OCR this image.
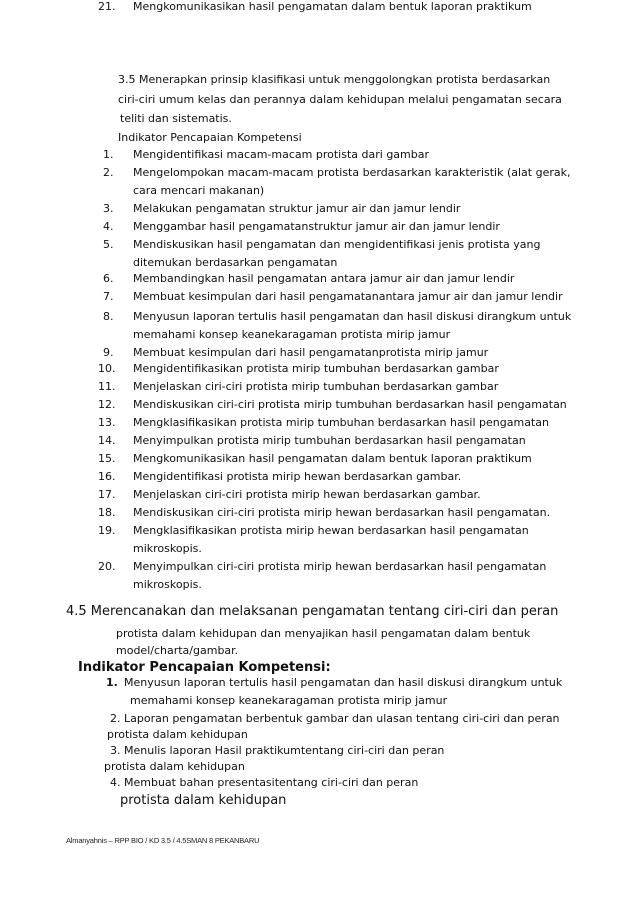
3.5 Menerapkan prinsip klasifikasi untuk menggolongkan protista berdasarkan
ciri-ciri umum kelas dan perannya dalam kehidupan melalui pengamatan secara
teliti dan sistematis.
Indikator Pencapaian Kompetensi
1. Mengidentifikasi macam-macam protista dari gambar
2. Mengelompokan macam-macam protista berdasarkan karakteristik (alat gerak,
cara mencari makanan)
3. Melakukan pengamatan struktur jamur air dan jamur lendir
4. Menggambar hasil pengamatanstruktur jamur air dan jamur lendir
5. Mendiskusikan hasil pengamatan dan mengidentifikasi jenis protista yang
ditemukan berdasarkan pengamatan
6. Membandingkan hasil pengamatan antara jamur air dan jamur lendir
7. Membuat kesimpulan dari hasil pengamatanantara jamur air dan jamur lendir
8. Menyusun laporan tertulis hasil pengamatan dan hasil diskusi dirangkum untuk
memahami konsep keanekaragaman protista mirip jamur
9. Membuat kesimpulan dari hasil pengamatanprotista mirip jamur
10. Mengidentifikasikan protista mirip tumbuhan berdasarkan gambar
11. Menjelaskan ciri-ciri protista mirip tumbuhan berdasarkan gambar
12. Mendiskusikan ciri-ciri protista mirip tumbuhan berdasarkan hasil pengamatan
13. Mengklasifikasikan protista mirip tumbuhan berdasarkan hasil pengamatan
14. Menyimpulkan protista mirip tumbuhan berdasarkan hasil pengamatan
15. Mengkomunikasikan hasil pengamatan dalam bentuk laporan praktikum
16. Mengidentifikasi protista mirip hewan berdasarkan gambar.
17. Menjelaskan ciri-ciri protista mirip hewan berdasarkan gambar.
18. Mendiskusikan ciri-ciri protista mirip hewan berdasarkan hasil pengamatan.
19. Mengklasifikasikan protista mirip hewan berdasarkan hasil pengamatan
mikroskopis.
20. Menyimpulkan ciri-ciri protista mirip hewan berdasarkan hasil pengamatan
mikroskopis.
21. Mengkomunikasikan hasil pengamatan dalam bentuk laporan praktikum
4.5 Merencanakan dan melaksanan pengamatan tentang ciri-ciri dan peran
protista dalam kehidupan dan menyajikan hasil pengamatan dalam bentuk
model/charta/gambar.
Indikator Pencapaian Kompetensi:
1. Menyusun laporan tertulis hasil pengamatan dan hasil diskusi dirangkum untuk
memahami konsep keanekaragaman protista mirip jamur
2. Laporan pengamatan berbentuk gambar dan ulasan tentang ciri-ciri dan peran
protista dalam kehidupan
3. Menulis laporan Hasil praktikumtentang ciri-ciri dan peran
protista dalam kehidupan
4. Membuat bahan presentasitentang ciri-ciri dan peran
protista dalam kehidupan
Almanyahnis – RPP BIO / KD 3.5 / 4.5SMAN 8 PEKANBARU
